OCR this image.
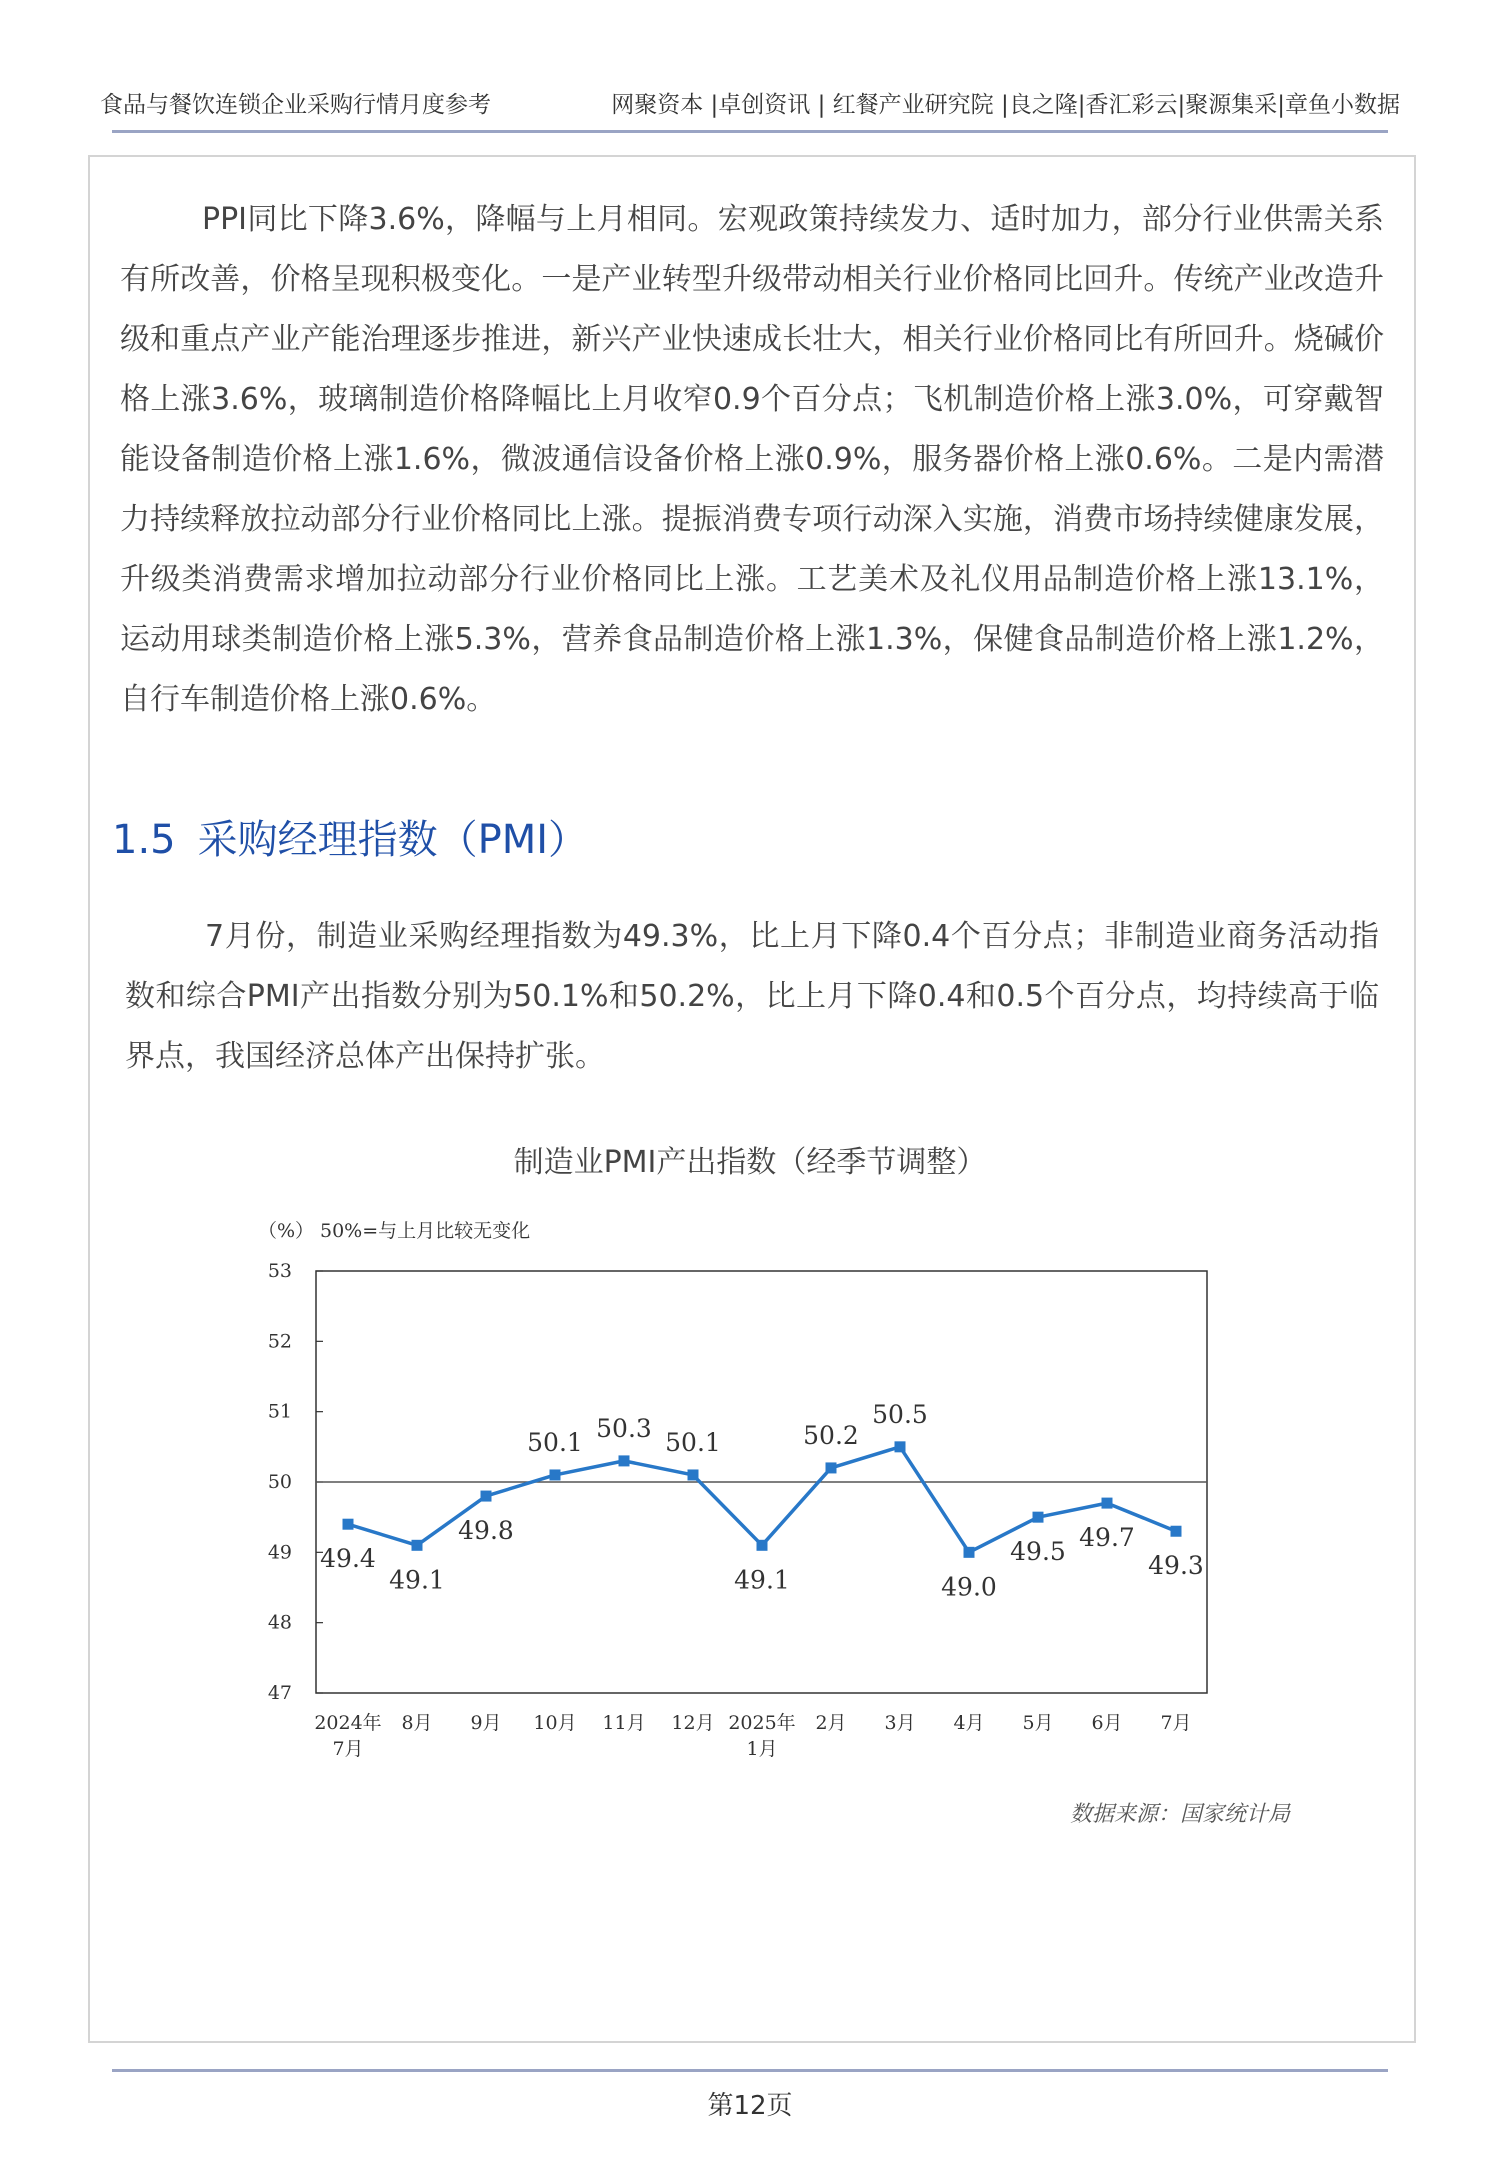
食品与餐饮连锁企业采购行情月度参考	网聚资本 |卓创资讯 | 红餐产业研究院 |良之隆|香汇彩云|聚源集采|章鱼小数据

PPI同比下降3.6%，降幅与上月相同。宏观政策持续发力、适时加力，部分行业供需关系有所改善，价格呈现积极变化。一是产业转型升级带动相关行业价格同比回升。传统产业改造升级和重点产业产能治理逐步推进，新兴产业快速成长壮大，相关行业价格同比有所回升。烧碱价格上涨3.6%，玻璃制造价格降幅比上月收窄0.9个百分点；飞机制造价格上涨3.0%，可穿戴智能设备制造价格上涨1.6%，微波通信设备价格上涨0.9%，服务器价格上涨0.6%。二是内需潜力持续释放拉动部分行业价格同比上涨。提振消费专项行动深入实施，消费市场持续健康发展，升级类消费需求增加拉动部分行业价格同比上涨。工艺美术及礼仪用品制造价格上涨13.1%，运动用球类制造价格上涨5.3%，营养食品制造价格上涨1.3%，保健食品制造价格上涨1.2%，自行车制造价格上涨0.6%。

1.5 采购经理指数（PMI）

7月份，制造业采购经理指数为49.3%，比上月下降0.4个百分点；非制造业商务活动指数和综合PMI产出指数分别为50.1%和50.2%，比上月下降0.4和0.5个百分点，均持续高于临界点，我国经济总体产出保持扩张。

制造业PMI产出指数（经季节调整）
（%） 50%=与上月比较无变化
47
48
49
50
51
52
53
2024年
7月
8月 9月 10月 11月 12月 2025年
1月
2月 3月 4月 5月 6月 7月
49.4
49.1
49.8
50.1 50.3 50.1
49.1
50.2
50.5
49.0
49.5 49.7
49.3
数据来源：国家统计局
第12页
